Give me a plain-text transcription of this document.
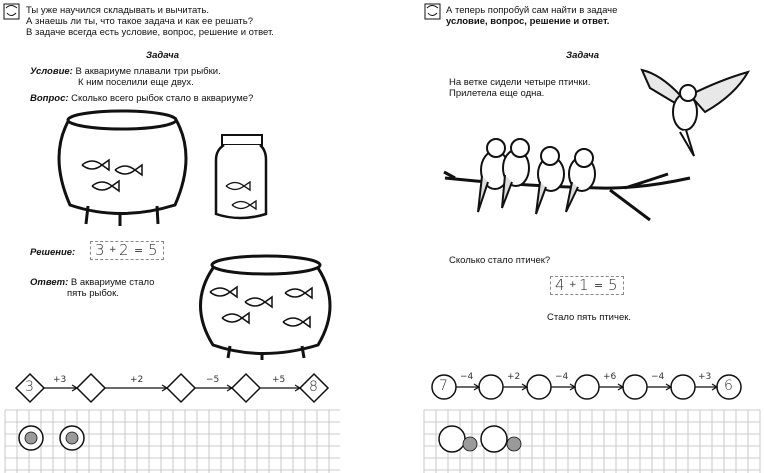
Ты уже научился складывать и вычитать.
А знаешь ли ты, что такое задача и как ее решать?
В задаче всегда есть условие, вопрос, решение и ответ.
Задача
Условие: В аквариуме плавали три рыбки.
К ним поселили еще двух.
Вопрос: Сколько всего рыбок стало в аквариуме?
Решение: 3 + 2 = 5
Ответ: В аквариуме стало
пять рыбок.
3 +3	+2	−5	+5 8
А теперь попробуй сам найти в задаче
условие, вопрос, решение и ответ.
Задача
На ветке сидели четыре птички.
Прилетела еще одна.
Сколько стало птичек?
4 + 1 = 5
Стало пять птичек.
7
−4	+2	−4	+6	−4	+3
6
